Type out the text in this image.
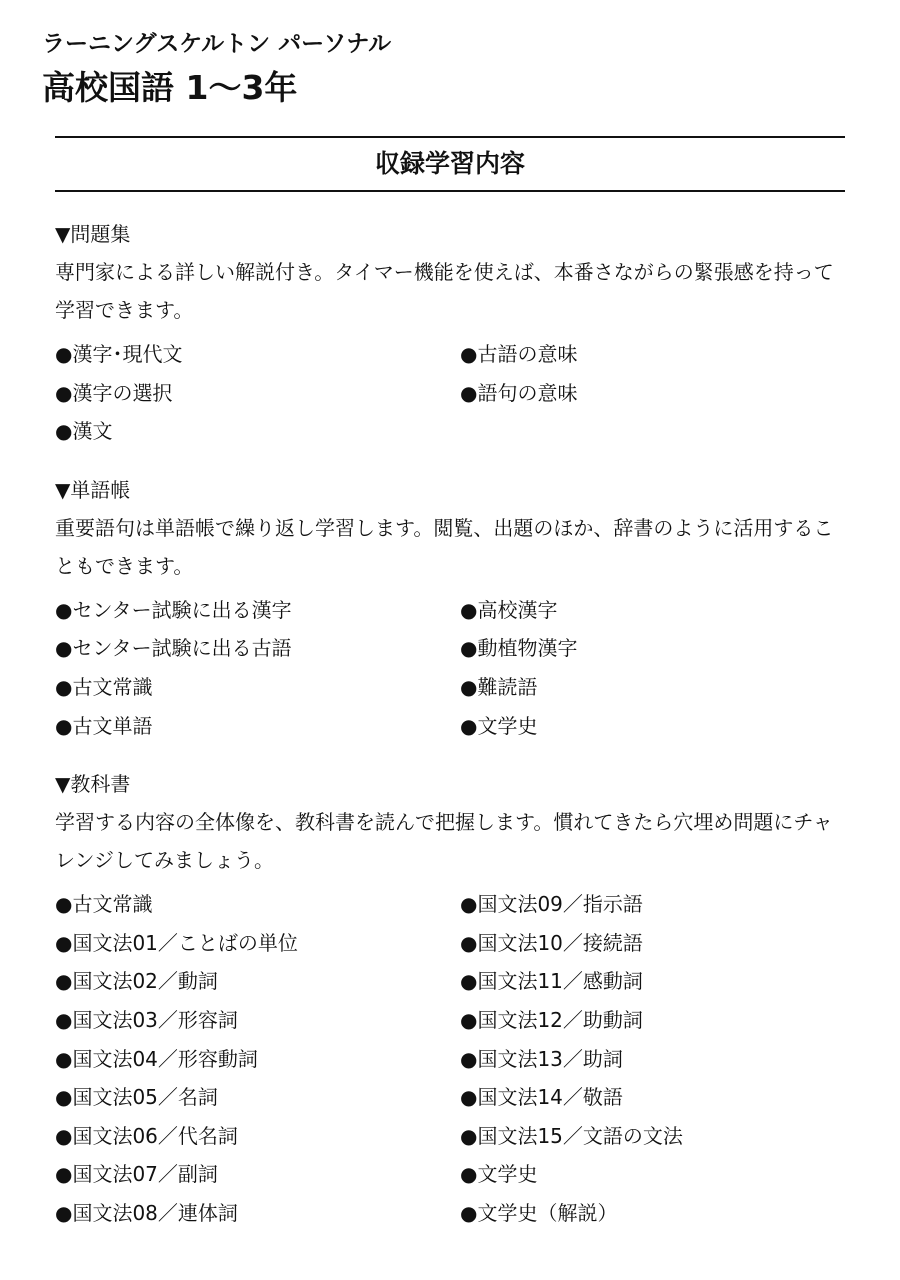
ラーニングスケルトン パーソナル
高校国語 1〜3年
収録学習内容
▼問題集
専門家による詳しい解説付き。タイマー機能を使えば、本番さながらの緊張感を持って学習できます。
●漢字･現代文
●漢字の選択
●漢文
●古語の意味
●語句の意味
▼単語帳
重要語句は単語帳で繰り返し学習します。閲覧、出題のほか、辞書のように活用することもできます。
●センター試験に出る漢字
●センター試験に出る古語
●古文常識
●古文単語
●高校漢字
●動植物漢字
●難読語
●文学史
▼教科書
学習する内容の全体像を、教科書を読んで把握します。慣れてきたら穴埋め問題にチャレンジしてみましょう。
●古文常識
●国文法01／ことばの単位
●国文法02／動詞
●国文法03／形容詞
●国文法04／形容動詞
●国文法05／名詞
●国文法06／代名詞
●国文法07／副詞
●国文法08／連体詞
●国文法09／指示語
●国文法10／接続語
●国文法11／感動詞
●国文法12／助動詞
●国文法13／助詞
●国文法14／敬語
●国文法15／文語の文法
●文学史
●文学史（解説）
